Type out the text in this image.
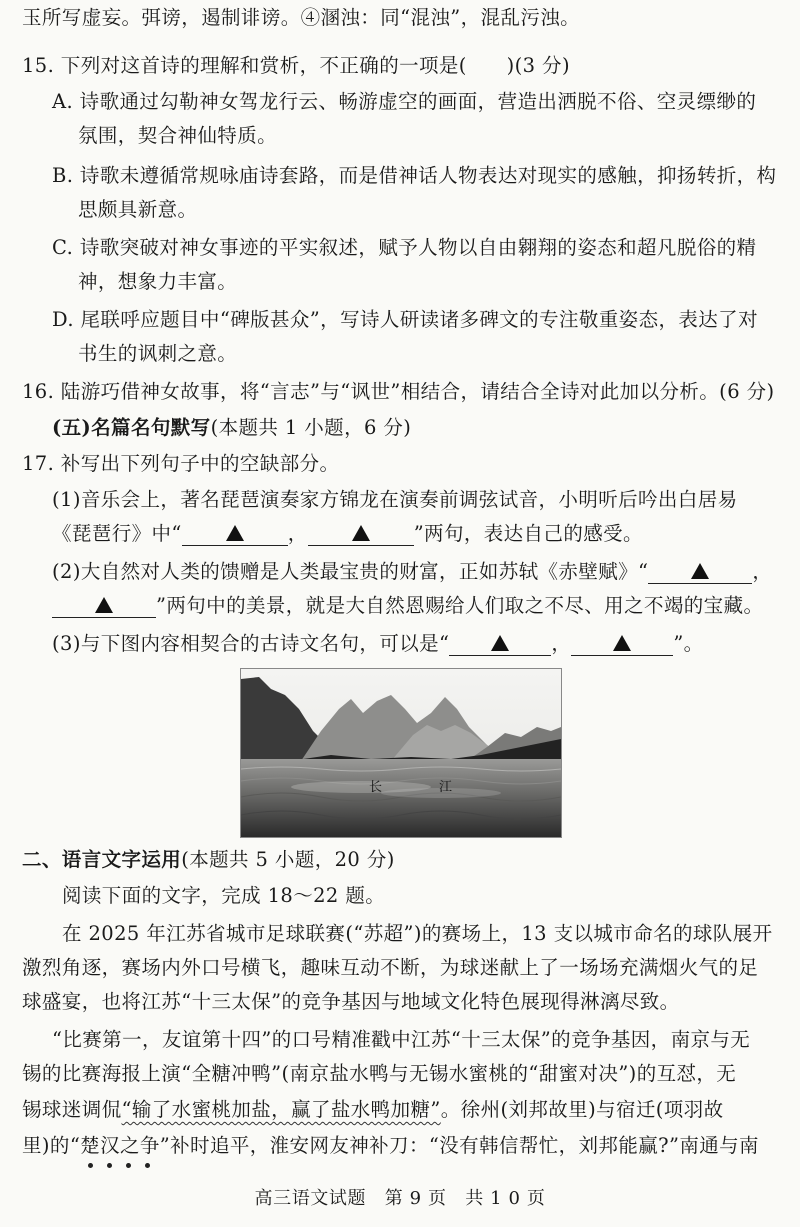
玉所写虚妄。弭谤，遏制诽谤。④溷浊：同“混浊”，混乱污浊。
15. 下列对这首诗的理解和赏析，不正确的一项是(　　)(3 分)
A. 诗歌通过勾勒神女驾龙行云、畅游虚空的画面，营造出洒脱不俗、空灵缥缈的
氛围，契合神仙特质。
B. 诗歌未遵循常规咏庙诗套路，而是借神话人物表达对现实的感触，抑扬转折，构
思颇具新意。
C. 诗歌突破对神女事迹的平实叙述，赋予人物以自由翱翔的姿态和超凡脱俗的精
神，想象力丰富。
D. 尾联呼应题目中“碑版甚众”，写诗人研读诸多碑文的专注敬重姿态，表达了对
书生的讽刺之意。
16. 陆游巧借神女故事，将“言志”与“讽世”相结合，请结合全诗对此加以分析。(6 分)
(五)名篇名句默写(本题共 1 小题，6 分)
17. 补写出下列句子中的空缺部分。
(1)音乐会上，著名琵琶演奏家方锦龙在演奏前调弦试音，小明听后吟出白居易
《琵琶行》中“	，	”两句，表达自己的感受。
(2)大自然对人类的馈赠是人类最宝贵的财富，正如苏轼《赤壁赋》“	，
”两句中的美景，就是大自然恩赐给人们取之不尽、用之不竭的宝藏。
(3)与下图内容相契合的古诗文名句，可以是“	，	”。
长	江
二、语言文字运用(本题共 5 小题，20 分)
阅读下面的文字，完成 18～22 题。
在 2025 年江苏省城市足球联赛(“苏超”)的赛场上，13 支以城市命名的球队展开
激烈角逐，赛场内外口号横飞，趣味互动不断，为球迷献上了一场场充满烟火气的足
球盛宴，也将江苏“十三太保”的竞争基因与地域文化特色展现得淋漓尽致。
“比赛第一，友谊第十四”的口号精准戳中江苏“十三太保”的竞争基因，南京与无
锡的比赛海报上演“全糖冲鸭”(南京盐水鸭与无锡水蜜桃的“甜蜜对决”)的互怼，无
锡球迷调侃“输了水蜜桃加盐，赢了盐水鸭加糖”。徐州(刘邦故里)与宿迁(项羽故
里)的“楚汉之争”补时追平，淮安网友神补刀：“没有韩信帮忙，刘邦能赢?”南通与南
高三语文试题　第 9 页　共 1 0 页
